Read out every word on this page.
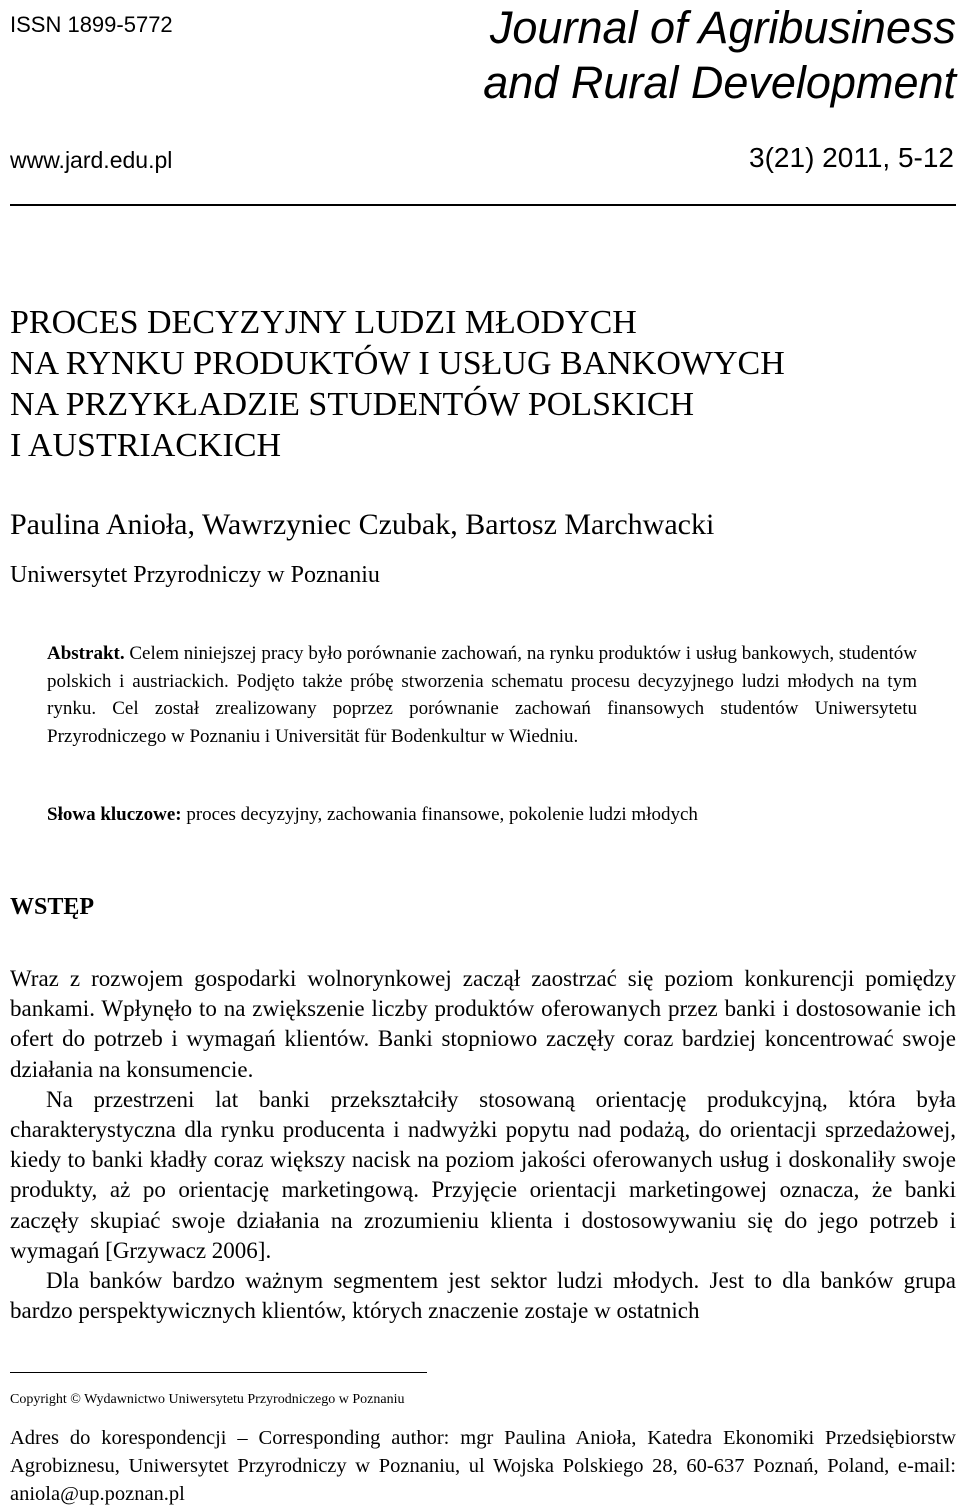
ISSN 1899-5772	Journal of Agribusiness
and Rural Development

www.jard.edu.pl	3(21) 2011, 5-12

PROCES DECYZYJNY LUDZI MŁODYCH
NA RYNKU PRODUKTÓW I USŁUG BANKOWYCH
NA PRZYKŁADZIE STUDENTÓW POLSKICH
I AUSTRIACKICH

Paulina Anioła, Wawrzyniec Czubak, Bartosz Marchwacki

Uniwersytet Przyrodniczy w Poznaniu

Abstrakt. Celem niniejszej pracy było porównanie zachowań, na rynku produktów i usług bankowych, studentów polskich i austriackich. Podjęto także próbę stworzenia schematu procesu decyzyjnego ludzi młodych na tym rynku. Cel został zrealizowany poprzez porównanie zachowań finansowych studentów Uniwersytetu Przyrodniczego w Poznaniu i Universität für Bodenkultur w Wiedniu.
Słowa kluczowe: proces decyzyjny, zachowania finansowe, pokolenie ludzi młodych

WSTĘP

Wraz z rozwojem gospodarki wolnorynkowej zaczął zaostrzać się poziom konkurencji pomiędzy bankami. Wpłynęło to na zwiększenie liczby produktów oferowanych przez banki i dostosowanie ich ofert do potrzeb i wymagań klientów. Banki stopniowo zaczęły coraz bardziej koncentrować swoje działania na konsumencie.

Na przestrzeni lat banki przekształciły stosowaną orientację produkcyjną, która była charakterystyczna dla rynku producenta i nadwyżki popytu nad podażą, do orientacji sprzedażowej, kiedy to banki kładły coraz większy nacisk na poziom jakości oferowanych usług i doskonaliły swoje produkty, aż po orientację marketingową. Przyjęcie orientacji marketingowej oznacza, że banki zaczęły skupiać swoje działania na zrozumieniu klienta i dostosowywaniu się do jego potrzeb i wymagań [Grzywacz 2006].

Dla banków bardzo ważnym segmentem jest sektor ludzi młodych. Jest to dla banków grupa bardzo perspektywicznych klientów, których znaczenie zostaje w ostatnich

Copyright © Wydawnictwo Uniwersytetu Przyrodniczego w Poznaniu

Adres do korespondencji – Corresponding author: mgr Paulina Anioła, Katedra Ekonomiki Przedsiębiorstw Agrobiznesu, Uniwersytet Przyrodniczy w Poznaniu, ul Wojska Polskiego 28, 60-637 Poznań, Poland, e-mail: aniola@up.poznan.pl
